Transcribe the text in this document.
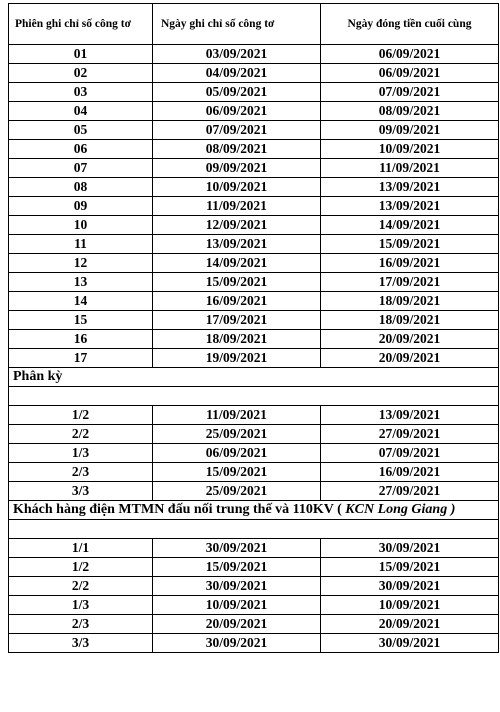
Phiên ghi chỉ số công tơ	Ngày ghi chỉ số công tơ	Ngày đóng tiền cuối cùng

01	03/09/2021	06/09/2021
02	04/09/2021	06/09/2021
03	05/09/2021	07/09/2021
04	06/09/2021	08/09/2021
05	07/09/2021	09/09/2021
06	08/09/2021	10/09/2021
07	09/09/2021	11/09/2021
08	10/09/2021	13/09/2021
09	11/09/2021	13/09/2021
10	12/09/2021	14/09/2021
11	13/09/2021	15/09/2021
12	14/09/2021	16/09/2021
13	15/09/2021	17/09/2021
14	16/09/2021	18/09/2021
15	17/09/2021	18/09/2021
16	18/09/2021	20/09/2021
17	19/09/2021	20/09/2021
Phân kỳ		

1/2	11/09/2021	13/09/2021
2/2	25/09/2021	27/09/2021
1/3	06/09/2021	07/09/2021
2/3	15/09/2021	16/09/2021
3/3	25/09/2021	27/09/2021
Khách hàng điện MTMN đấu nối trung thế và 110KV ( KCN Long Giang )		

1/1	30/09/2021	30/09/2021
1/2	15/09/2021	15/09/2021
2/2	30/09/2021	30/09/2021
1/3	10/09/2021	10/09/2021
2/3	20/09/2021	20/09/2021
3/3	30/09/2021	30/09/2021
